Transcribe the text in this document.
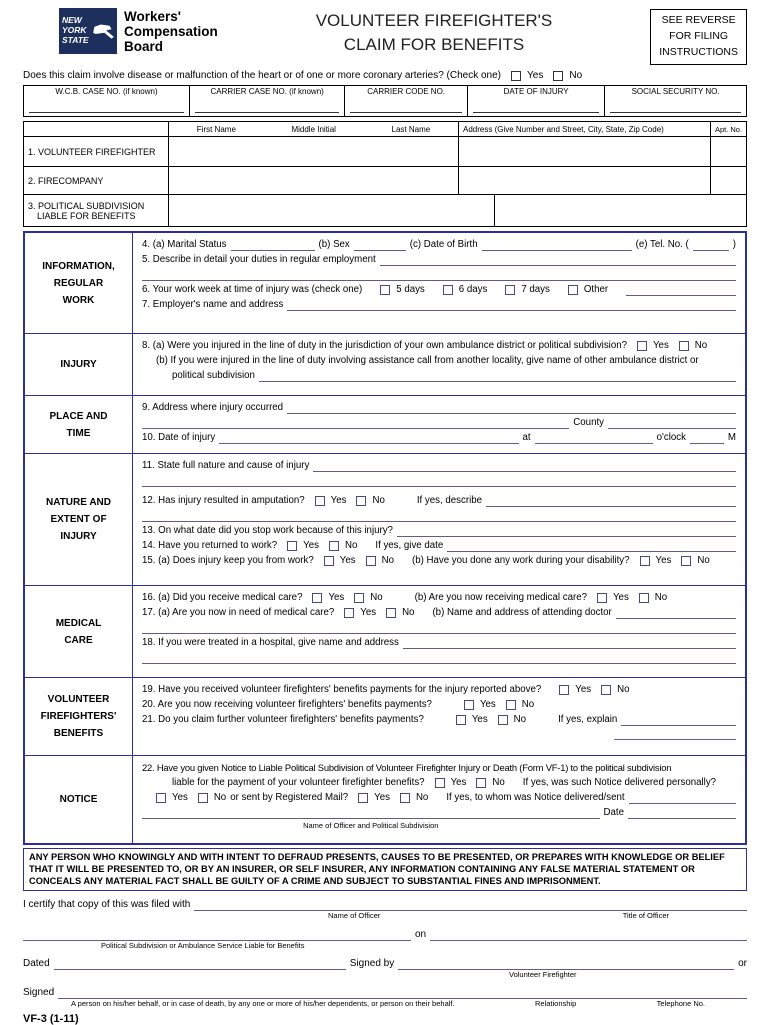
NEW
YORK
STATE
Workers'
Compensation
Board
VOLUNTEER FIREFIGHTER'S
CLAIM FOR BENEFITS
SEE REVERSE
FOR FILING
INSTRUCTIONS
Does this claim involve disease or malfunction of the heart or of one or more coronary arteries? (Check one)	Yes	No
W.C.B. CASE NO. (if known)	CARRIER CASE NO. (if known)	CARRIER CODE NO.	DATE OF INJURY	SOCIAL SECURITY NO.
First Name	Middle Initial	Last Name	Address (Give Number and Street, City, State, Zip Code)	Apt. No.
1. VOLUNTEER FIREFIGHTER
2. FIRECOMPANY
3. POLITICAL SUBDIVISION
LIABLE FOR BENEFITS
INFORMATION,
REGULAR
WORK
4. (a) Marital Status	(b) Sex	(c) Date of Birth	(e) Tel. No. (	)
5. Describe in detail your duties in regular employment
6. Your work week at time of injury was (check one)	5 days	6 days	7 days	Other
7. Employer's name and address
INJURY
8. (a) Were you injured in the line of duty in the jurisdiction of your own ambulance district or political subdivision?	Yes	No
(b) If you were injured in the line of duty involving assistance call from another locality, give name of other ambulance district or
political subdivision
PLACE AND
TIME
9. Address where injury occurred
County
10. Date of injury	at	o'clock	M
NATURE AND
EXTENT OF
INJURY
11. State full nature and cause of injury
12. Has injury resulted in amputation?	Yes	No	If yes, describe
13. On what date did you stop work because of this injury?
14. Have you returned to work?	Yes	No If yes, give date
15. (a) Does injury keep you from work?	Yes	No (b) Have you done any work during your disability?	Yes	No
MEDICAL
CARE
16. (a) Did you receive medical care?	Yes	No	(b) Are you now receiving medical care?	Yes	No
17. (a) Are you now in need of medical care?	Yes	No (b) Name and address of attending doctor
18. If you were treated in a hospital, give name and address
VOLUNTEER
FIREFIGHTERS'
BENEFITS
19. Have you received volunteer firefighters' benefits payments for the injury reported above?	Yes	No
20. Are you now receiving volunteer firefighters' benefits payments?	Yes	No
21. Do you claim further volunteer firefighters' benefits payments?	Yes	No	If yes, explain
NOTICE
22. Have you given Notice to Liable Political Subdivision of Volunteer Firefighter Injury or Death (Form VF-1) to the political subdivision
liable for the payment of your volunteer firefighter benefits?	Yes	No If yes, was such Notice delivered personally?
Yes	No or sent by Registered Mail?	Yes	No If yes, to whom was Notice delivered/sent
Name of Officer and Political Subdivision
Date
ANY PERSON WHO KNOWINGLY AND WITH INTENT TO DEFRAUD PRESENTS, CAUSES TO BE PRESENTED, OR PREPARES WITH KNOWLEDGE OR BELIEF THAT IT WILL BE PRESENTED TO, OR BY AN INSURER, OR SELF INSURER, ANY INFORMATION CONTAINING ANY FALSE MATERIAL STATEMENT OR CONCEALS ANY MATERIAL FACT SHALL BE GUILTY OF A CRIME AND SUBJECT TO SUBSTANTIAL FINES AND IMPRISONMENT.
I certify that copy of this was filed with
Name of Officer	Title of Officer
on
Political Subdivision or Ambulance Service Liable for Benefits
Dated	Signed by	or
Volunteer Firefighter
Signed
A person on his/her behalf, or in case of death, by any one or more of his/her dependents, or person on their behalf.	Relationship	Telephone No.
VF-3 (1-11)
